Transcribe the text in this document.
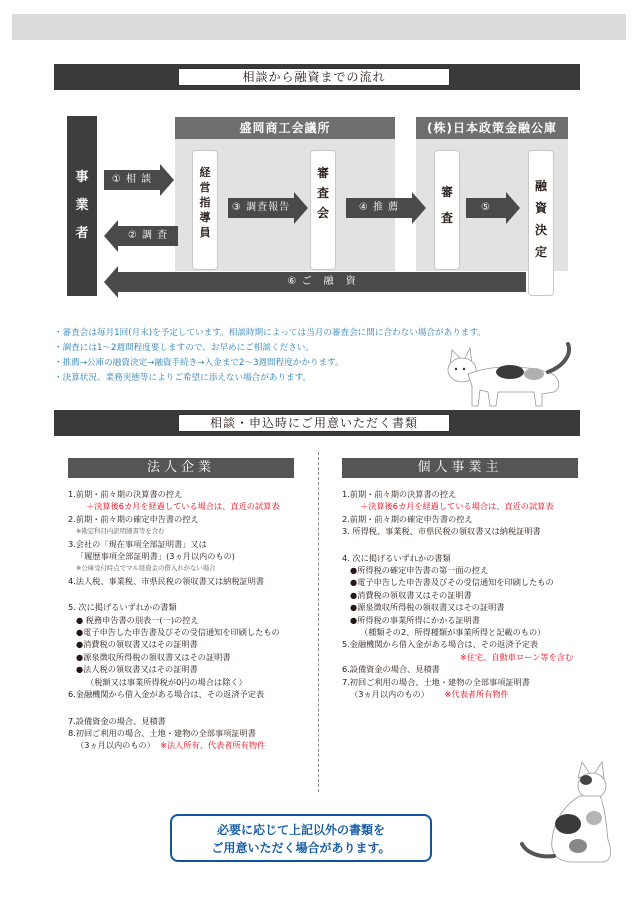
相談から融資までの流れ
事
業
者
盛岡商工会議所	(株)日本政策金融公庫
経
営
指
導
員
審
査
会
審
査
融
資
決
定
① 相 談
② 調 査
③ 調査報告	④ 推 薦	⑤
⑥ ご　融　資
・審査会は毎月1回(月末)を予定しています。相談時期によっては当月の審査会に間に合わない場合があります。
・調査には1～2週間程度要しますので、お早めにご相談ください。
・推薦→公庫の融資決定→融資手続き→入金まで2～3週間程度かかります。
・決算状況、業務実態等によりご希望に添えない場合があります。
相談・申込時にご用意いただく書類
法人企業	個人事業主
1.前期・前々期の決算書の控え
＋決算後6カ月を経過している場合は、直近の試算表
2.前期・前々期の確定申告書の控え
※勘定科目内訳明細書等を含む
3.会社の「現在事項全部証明書」又は
「履歴事項全部証明書」(3ヵ月以内のもの)
※公庫受付時点でマル経資金の借入れがない場合
4.法人税、事業税、市県民税の領収書又は納税証明書
5. 次に掲げるいずれかの書類
● 税務申告書の別表一(一)の控え
●電子申告した申告書及びその受信通知を印刷したもの
●消費税の領収書又はその証明書
●源泉徴収所得税の領収書又はその証明書
●法人税の領収書又はその証明書
（税額又は事業所得税が0円の場合は除く）
6.金融機関から借入金がある場合は、その返済予定表
7.設備資金の場合、見積書
8.初回ご利用の場合、土地・建物の全部事項証明書
（3ヵ月以内のもの） ※法人所有、代表者所有物件
1.前期・前々期の決算書の控え
＋決算後6カ月を経過している場合は、直近の試算表
2.前期・前々期の確定申告書の控え
3. 所得税、事業税、市県民税の領収書又は納税証明書
4. 次に掲げるいずれかの書類
●所得税の確定申告書の第一面の控え
●電子申告した申告書及びその受信通知を印刷したもの
●消費税の領収書又はその証明書
●源泉徴収所得税の領収書又はその証明書
●所得税の事業所得にかかる証明書
（種類その2、所得種類が事業所得と記載のもの）
5.金融機関から借入金がある場合は、その返済予定表
※住宅、自動車ローン等を含む
6.設備資金の場合、見積書
7.初回ご利用の場合、土地・建物の全部事項証明書
（3ヵ月以内のもの） ※代表者所有物件
必要に応じて上記以外の書類を
ご用意いただく場合があります。
